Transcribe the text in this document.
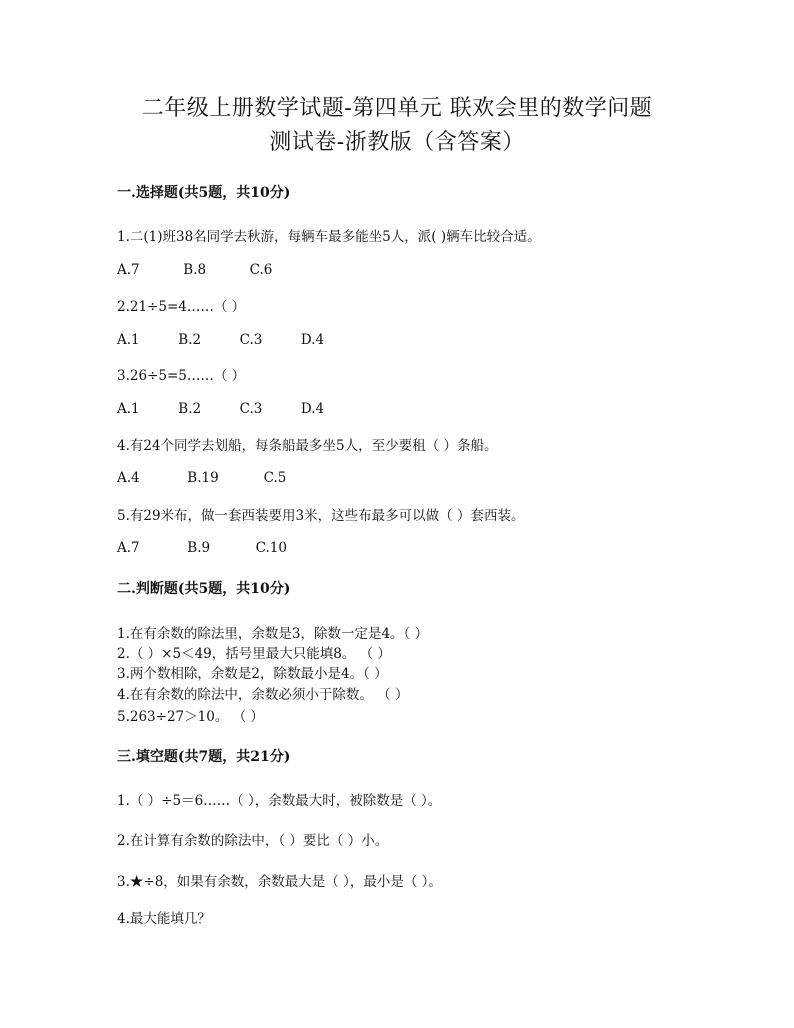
二年级上册数学试题-第四单元 联欢会里的数学问题
测试卷-浙教版（含答案）
一.选择题(共5题，共10分)
1.二(1)班38名同学去秋游，每辆车最多能坐5人，派( )辆车比较合适。
A.7	B.8	C.6
2.21÷5=4……（ ）
A.1	B.2	C.3	D.4
3.26÷5=5……（ ）
A.1	B.2	C.3	D.4
4.有24个同学去划船，每条船最多坐5人，至少要租（ ）条船。
A.4	B.19	C.5
5.有29米布，做一套西装要用3米，这些布最多可以做（ ）套西装。
A.7	B.9	C.10
二.判断题(共5题，共10分)
1.在有余数的除法里，余数是3，除数一定是4。（ ）
2.（ ）×5＜49，括号里最大只能填8。 （ ）
3.两个数相除，余数是2，除数最小是4。（ ）
4.在有余数的除法中，余数必须小于除数。 （ ）
5.263÷27＞10。 （ ）
三.填空题(共7题，共21分)
1.（ ）÷5＝6……（ ），余数最大时，被除数是（ ）。
2.在计算有余数的除法中，（ ）要比（ ）小。
3.★÷8，如果有余数，余数最大是（ ），最小是（ ）。
4.最大能填几？
